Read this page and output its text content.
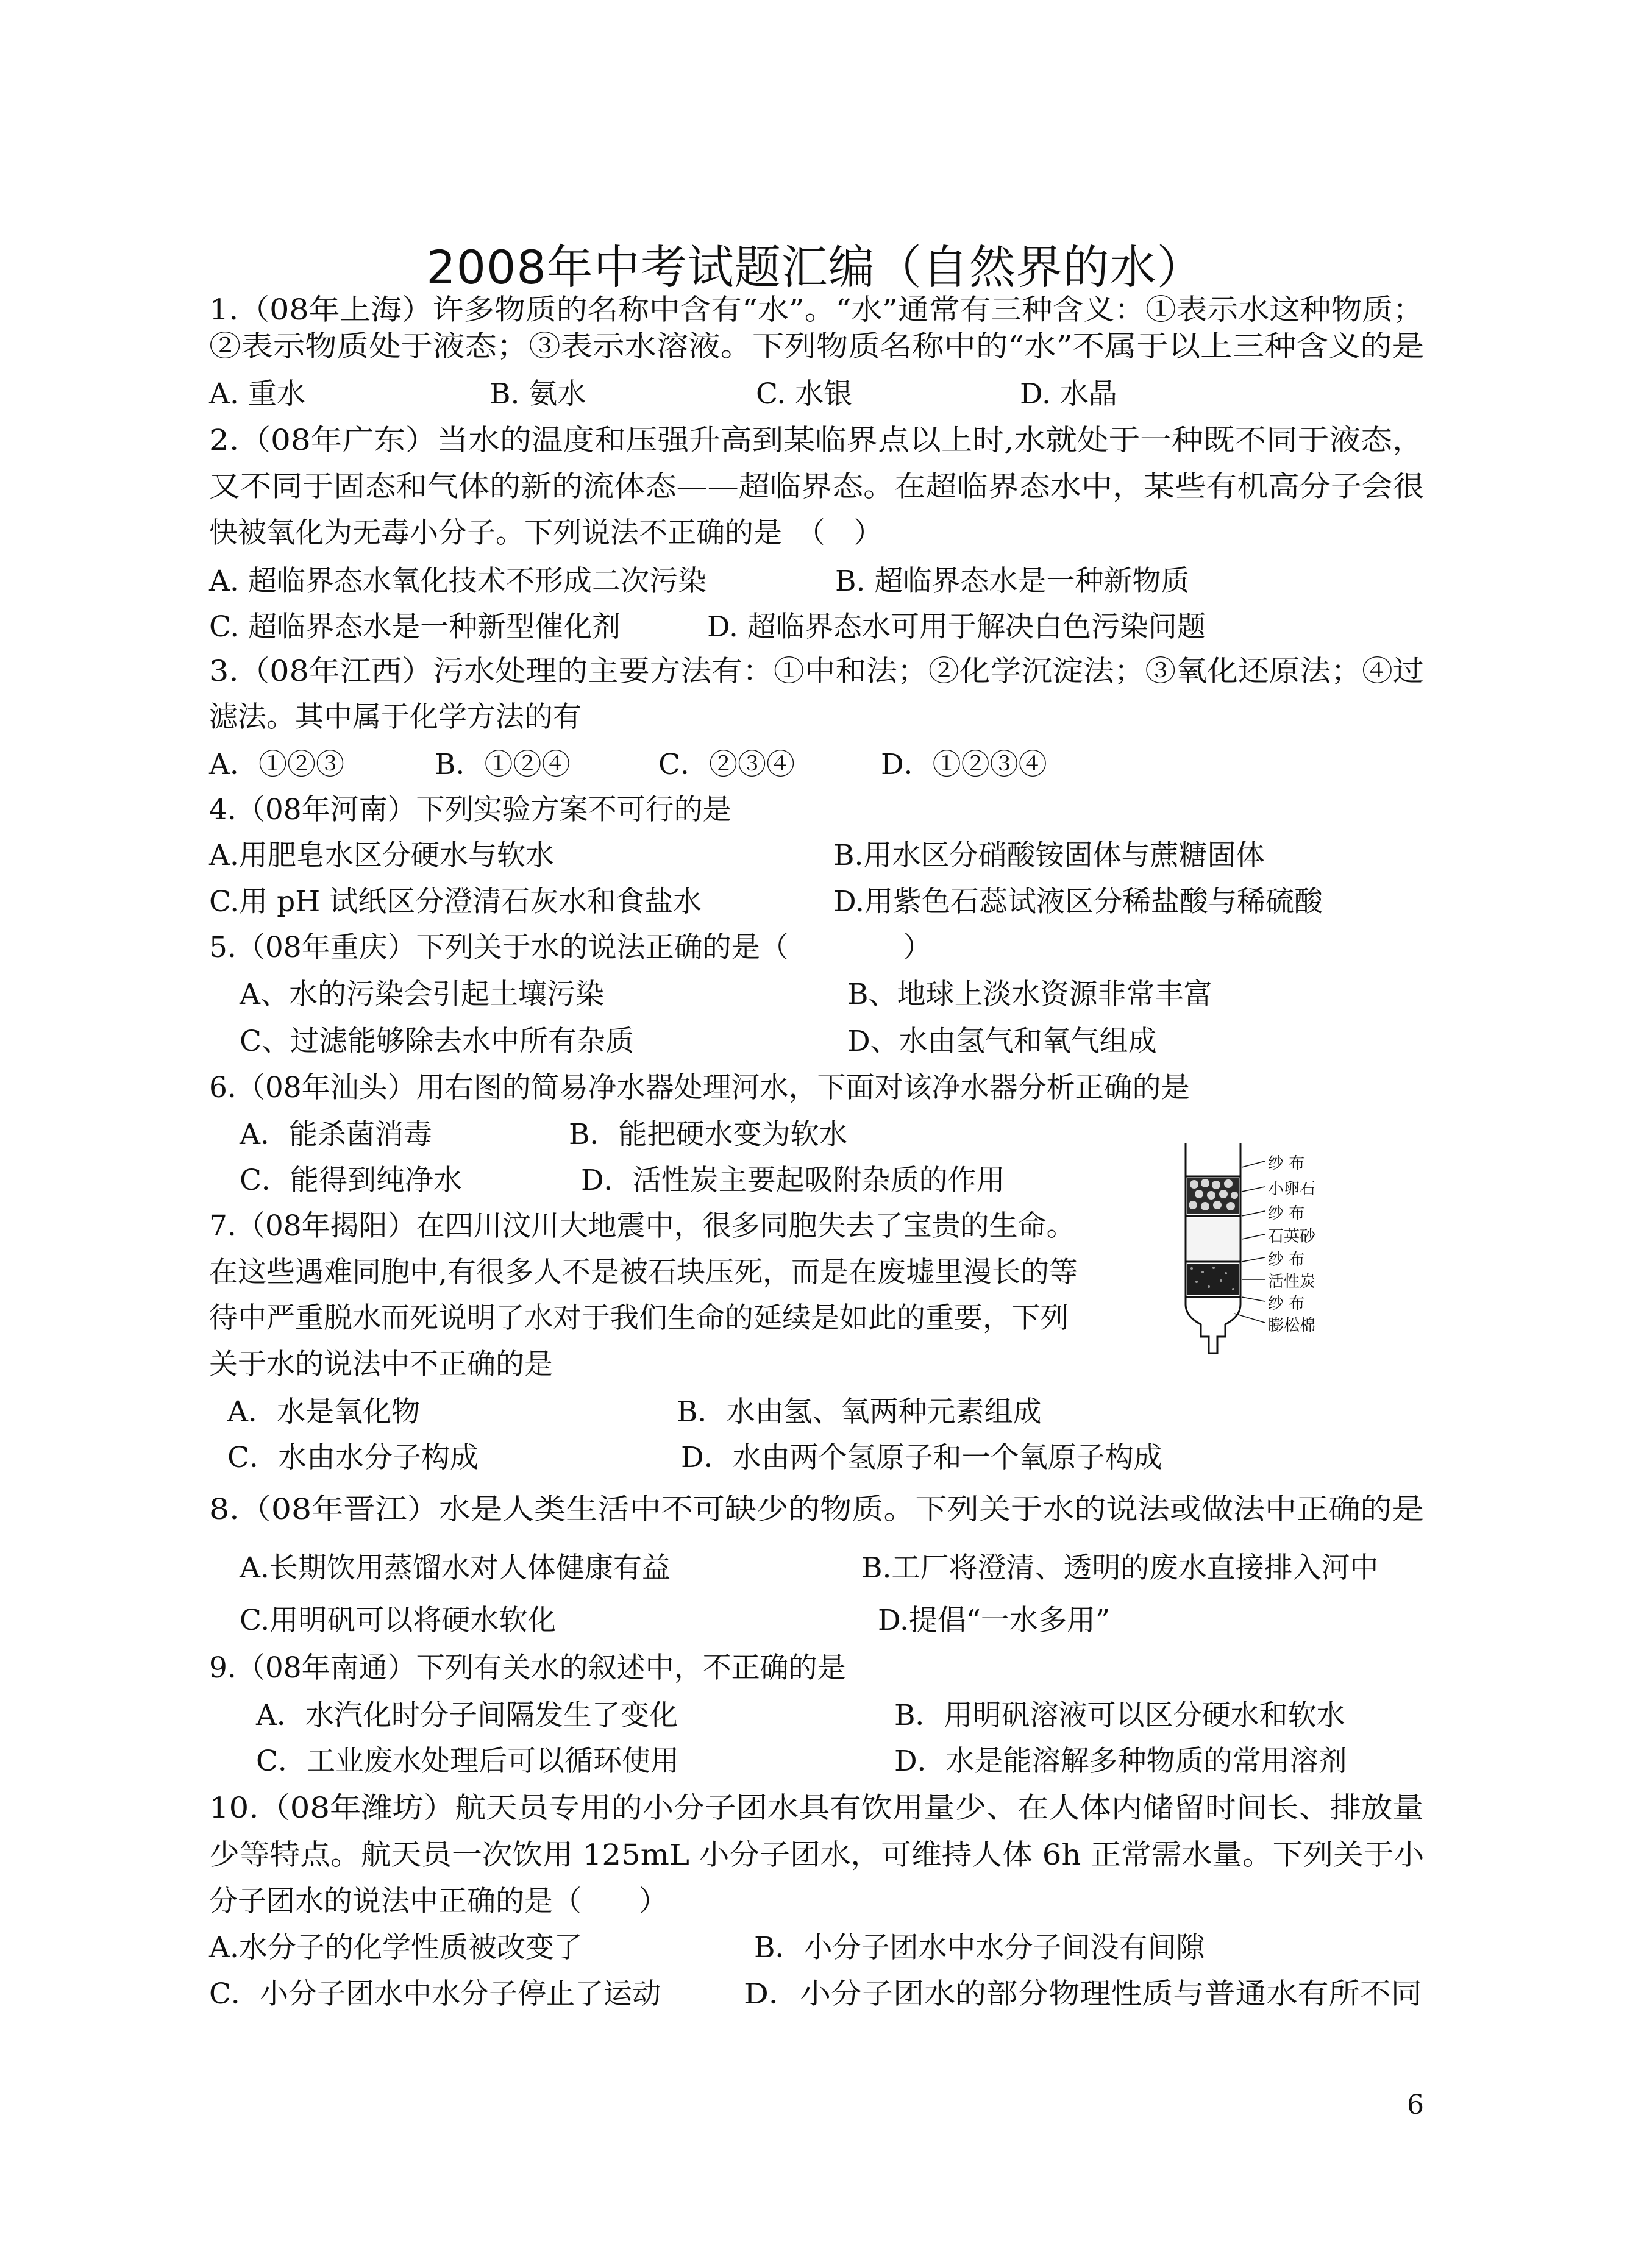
2008年中考试题汇编（自然界的水）
1.（08年上海）许多物质的名称中含有“水”。“水”通常有三种含义：①表示水这种物质；
②表示物质处于液态；③表示水溶液。下列物质名称中的“水”不属于以上三种含义的是
A. 重水	B. 氨水	C. 水银	D. 水晶
2.（08年广东）当水的温度和压强升高到某临界点以上时,水就处于一种既不同于液态，
又不同于固态和气体的新的流体态——超临界态。在超临界态水中，某些有机高分子会很
快被氧化为无毒小分子。下列说法不正确的是　（　）
A. 超临界态水氧化技术不形成二次污染	B. 超临界态水是一种新物质
C. 超临界态水是一种新型催化剂	D. 超临界态水可用于解决白色污染问题
3.（08年江西）污水处理的主要方法有：①中和法；②化学沉淀法；③氧化还原法；④过
滤法。其中属于化学方法的有
A．①②③	B．①②④	C．②③④	D．①②③④
4.（08年河南）下列实验方案不可行的是
A.用肥皂水区分硬水与软水	B.用水区分硝酸铵固体与蔗糖固体
C.用 pH 试纸区分澄清石灰水和食盐水	D.用紫色石蕊试液区分稀盐酸与稀硫酸
5.（08年重庆）下列关于水的说法正确的是（　　　　）
A、水的污染会引起土壤污染	B、地球上淡水资源非常丰富
C、过滤能够除去水中所有杂质	D、水由氢气和氧气组成
6.（08年汕头）用右图的简易净水器处理河水，下面对该净水器分析正确的是
A．能杀菌消毒	B．能把硬水变为软水
C．能得到纯净水	D．活性炭主要起吸附杂质的作用
7.（08年揭阳）在四川汶川大地震中，很多同胞失去了宝贵的生命。
在这些遇难同胞中,有很多人不是被石块压死，而是在废墟里漫长的等
待中严重脱水而死说明了水对于我们生命的延续是如此的重要，下列
关于水的说法中不正确的是
A．水是氧化物	B．水由氢、氧两种元素组成
C．水由水分子构成	D．水由两个氢原子和一个氧原子构成
8.（08年晋江）水是人类生活中不可缺少的物质。下列关于水的说法或做法中正确的是
A.长期饮用蒸馏水对人体健康有益	B.工厂将澄清、透明的废水直接排入河中
C.用明矾可以将硬水软化	D.提倡“一水多用”
9.（08年南通）下列有关水的叙述中，不正确的是
A．水汽化时分子间隔发生了变化	B．用明矾溶液可以区分硬水和软水
C．工业废水处理后可以循环使用	D．水是能溶解多种物质的常用溶剂
10.（08年潍坊）航天员专用的小分子团水具有饮用量少、在人体内储留时间长、排放量
少等特点。航天员一次饮用 125mL 小分子团水，可维持人体 6h 正常需水量。下列关于小
分子团水的说法中正确的是（　　）
A.水分子的化学性质被改变了	B．小分子团水中水分子间没有间隙
C．小分子团水中水分子停止了运动	D．小分子团水的部分物理性质与普通水有所不同
纱 布
小卵石
纱 布
石英砂
纱 布
活性炭
纱 布
膨松棉
6
